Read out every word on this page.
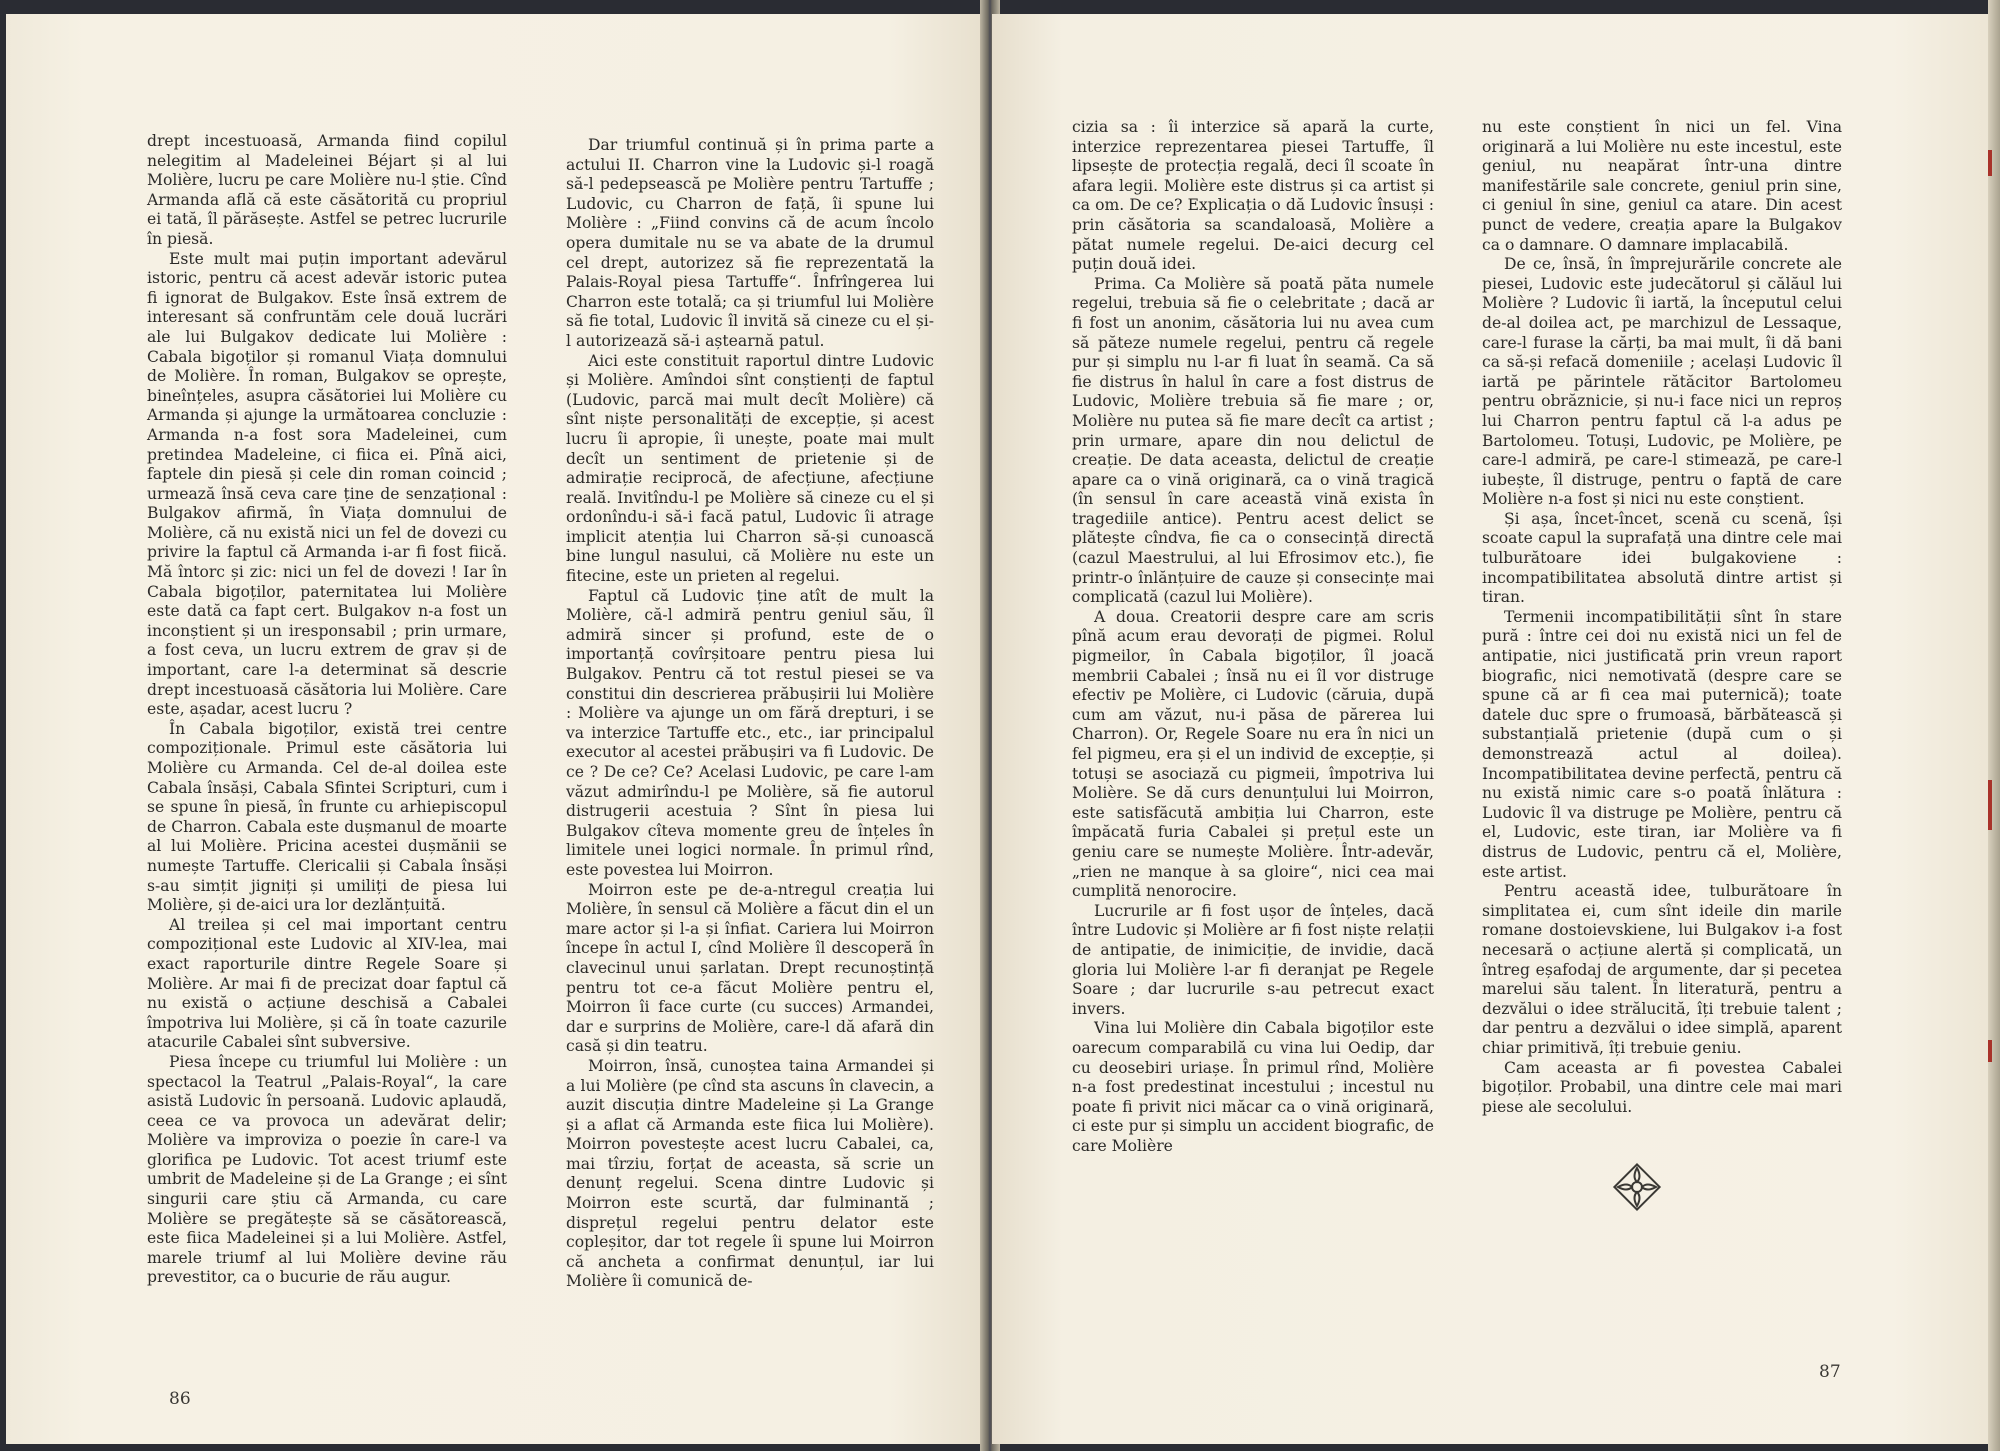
drept incestuoasă, Armanda fiind copilul nelegitim al Madeleinei Béjart și al lui Molière, lucru pe care Molière nu-l știe. Cînd Armanda află că este căsătorită cu propriul ei tată, îl părăsește. Astfel se petrec lucrurile în piesă.

Este mult mai puțin important adevărul istoric, pentru că acest adevăr istoric putea fi ignorat de Bulgakov. Este însă extrem de interesant să confruntăm cele două lucrări ale lui Bulgakov dedicate lui Molière : Cabala bigoților și romanul Viața domnului de Molière. În roman, Bulgakov se oprește, bineînțeles, asupra căsătoriei lui Molière cu Armanda și ajunge la următoarea concluzie : Armanda n-a fost sora Madeleinei, cum pretindea Madeleine, ci fiica ei. Pînă aici, faptele din piesă și cele din roman coincid ; urmează însă ceva care ține de senzațional : Bulgakov afirmă, în Viața domnului de Molière, că nu există nici un fel de dovezi cu privire la faptul că Armanda i-ar fi fost fiică. Mă întorc și zic: nici un fel de dovezi ! Iar în Cabala bigoților, paternitatea lui Molière este dată ca fapt cert. Bulgakov n-a fost un inconștient și un iresponsabil ; prin urmare, a fost ceva, un lucru extrem de grav și de important, care l-a determinat să descrie drept incestuoasă căsătoria lui Molière. Care este, așadar, acest lucru ?

În Cabala bigoților, există trei centre compoziționale. Primul este căsătoria lui Molière cu Armanda. Cel de-al doilea este Cabala însăși, Cabala Sfintei Scripturi, cum i se spune în piesă, în frunte cu arhiepiscopul de Charron. Cabala este dușmanul de moarte al lui Molière. Pricina acestei dușmănii se numește Tartuffe. Clericalii și Cabala însăși s-au simțit jigniți și umiliți de piesa lui Molière, și de-aici ura lor dezlănțuită.

Al treilea și cel mai important centru compozițional este Ludovic al XIV-lea, mai exact raporturile dintre Regele Soare și Molière. Ar mai fi de precizat doar faptul că nu există o acțiune deschisă a Cabalei împotriva lui Molière, și că în toate cazurile atacurile Cabalei sînt subversive.

Piesa începe cu triumful lui Molière : un spectacol la Teatrul „Palais-Royal“, la care asistă Ludovic în persoană. Ludovic aplaudă, ceea ce va provoca un adevărat delir; Molière va improviza o poezie în care-l va glorifica pe Ludovic. Tot acest triumf este umbrit de Madeleine și de La Grange ; ei sînt singurii care știu că Armanda, cu care Molière se pregătește să se căsătorească, este fiica Madeleinei și a lui Molière. Astfel, marele triumf al lui Molière devine rău prevestitor, ca o bucurie de rău augur.

Dar triumful continuă și în prima parte a actului II. Charron vine la Ludovic și-l roagă să-l pedepsească pe Molière pentru Tartuffe ; Ludovic, cu Charron de față, îi spune lui Molière : „Fiind convins că de acum încolo opera dumitale nu se va abate de la drumul cel drept, autorizez să fie reprezentată la Palais-Royal piesa Tartuffe“. Înfrîngerea lui Charron este totală; ca și triumful lui Molière să fie total, Ludovic îl invită să cineze cu el și-l autorizează să-i aștearnă patul.

Aici este constituit raportul dintre Ludovic și Molière. Amîndoi sînt conștienți de faptul (Ludovic, parcă mai mult decît Molière) că sînt niște personalități de excepție, și acest lucru îi apropie, îi unește, poate mai mult decît un sentiment de prietenie și de admirație reciprocă, de afecțiune, afecțiune reală. Invitîndu-l pe Molière să cineze cu el și ordonîndu-i să-i facă patul, Ludovic îi atrage implicit atenția lui Charron să-și cunoască bine lungul nasului, că Molière nu este un fitecine, este un prieten al regelui.

Faptul că Ludovic ține atît de mult la Molière, că-l admiră pentru geniul său, îl admiră sincer și profund, este de o importanță covîrșitoare pentru piesa lui Bulgakov. Pentru că tot restul piesei se va constitui din descrierea prăbușirii lui Molière : Molière va ajunge un om fără drepturi, i se va interzice Tartuffe etc., etc., iar principalul executor al acestei prăbușiri va fi Ludovic. De ce ? De ce? Ce? Acelasi Ludovic, pe care l-am văzut admirîndu-l pe Molière, să fie autorul distrugerii acestuia ? Sînt în piesa lui Bulgakov cîteva momente greu de înțeles în limitele unei logici normale. În primul rînd, este povestea lui Moirron.

Moirron este pe de-a-ntregul creația lui Molière, în sensul că Molière a făcut din el un mare actor și l-a și înfiat. Cariera lui Moirron începe în actul I, cînd Molière îl descoperă în clavecinul unui șarlatan. Drept recunoștință pentru tot ce-a făcut Molière pentru el, Moirron îi face curte (cu succes) Armandei, dar e surprins de Molière, care-l dă afară din casă și din teatru.

Moirron, însă, cunoștea taina Armandei și a lui Molière (pe cînd sta ascuns în clavecin, a auzit discuția dintre Madeleine și La Grange și a aflat că Armanda este fiica lui Molière). Moirron povestește acest lucru Cabalei, ca, mai tîrziu, forțat de aceasta, să scrie un denunț regelui. Scena dintre Ludovic și Moirron este scurtă, dar fulminantă ; disprețul regelui pentru delator este copleșitor, dar tot regele îi spune lui Moirron că ancheta a confirmat denunțul, iar lui Molière îi comunică de-

86

cizia sa : îi interzice să apară la curte, interzice reprezentarea piesei Tartuffe, îl lipsește de protecția regală, deci îl scoate în afara legii. Molière este distrus și ca artist și ca om. De ce? Explicația o dă Ludovic însuși : prin căsătoria sa scandaloasă, Molière a pătat numele regelui. De-aici decurg cel puțin două idei.

Prima. Ca Molière să poată păta numele regelui, trebuia să fie o celebritate ; dacă ar fi fost un anonim, căsătoria lui nu avea cum să păteze numele regelui, pentru că regele pur și simplu nu l-ar fi luat în seamă. Ca să fie distrus în halul în care a fost distrus de Ludovic, Molière trebuia să fie mare ; or, Molière nu putea să fie mare decît ca artist ; prin urmare, apare din nou delictul de creație. De data aceasta, delictul de creație apare ca o vină originară, ca o vină tragică (în sensul în care această vină exista în tragediile antice). Pentru acest delict se plătește cîndva, fie ca o consecință directă (cazul Maestrului, al lui Efrosimov etc.), fie printr-o înlănțuire de cauze și consecințe mai complicată (cazul lui Molière).

A doua. Creatorii despre care am scris pînă acum erau devorați de pigmei. Rolul pigmeilor, în Cabala bigoților, îl joacă membrii Cabalei ; însă nu ei îl vor distruge efectiv pe Molière, ci Ludovic (căruia, după cum am văzut, nu-i păsa de părerea lui Charron). Or, Regele Soare nu era în nici un fel pigmeu, era și el un individ de excepție, și totuși se asociază cu pigmeii, împotriva lui Molière. Se dă curs denunțului lui Moirron, este satisfăcută ambiția lui Charron, este împăcată furia Cabalei și prețul este un geniu care se numește Molière. Într-adevăr, „rien ne manque à sa gloire“, nici cea mai cumplită nenorocire.

Lucrurile ar fi fost ușor de înțeles, dacă între Ludovic și Molière ar fi fost niște relații de antipatie, de inimiciție, de invidie, dacă gloria lui Molière l-ar fi deranjat pe Regele Soare ; dar lucrurile s-au petrecut exact invers.

Vina lui Molière din Cabala bigoților este oarecum comparabilă cu vina lui Oedip, dar cu deosebiri uriașe. În primul rînd, Molière n-a fost predestinat incestului ; incestul nu poate fi privit nici măcar ca o vină originară, ci este pur și simplu un accident biografic, de care Molière

nu este conștient în nici un fel. Vina originară a lui Molière nu este incestul, este geniul, nu neapărat într-una dintre manifestările sale concrete, geniul prin sine, ci geniul în sine, geniul ca atare. Din acest punct de vedere, creația apare la Bulgakov ca o damnare. O damnare implacabilă.

De ce, însă, în împrejurările concrete ale piesei, Ludovic este judecătorul și călăul lui Molière ? Ludovic îi iartă, la începutul celui de-al doilea act, pe marchizul de Lessaque, care-l furase la cărți, ba mai mult, îi dă bani ca să-și refacă domeniile ; același Ludovic îl iartă pe părintele rătăcitor Bartolomeu pentru obrăznicie, și nu-i face nici un reproș lui Charron pentru faptul că l-a adus pe Bartolomeu. Totuși, Ludovic, pe Molière, pe care-l admiră, pe care-l stimează, pe care-l iubește, îl distruge, pentru o faptă de care Molière n-a fost și nici nu este conștient.

Și așa, încet-încet, scenă cu scenă, își scoate capul la suprafață una dintre cele mai tulburătoare idei bulgakoviene : incompatibilitatea absolută dintre artist și tiran.

Termenii incompatibilității sînt în stare pură : între cei doi nu există nici un fel de antipatie, nici justificată prin vreun raport biografic, nici nemotivată (despre care se spune că ar fi cea mai puternică); toate datele duc spre o frumoasă, bărbătească și substanțială prietenie (după cum o și demonstrează actul al doilea). Incompatibilitatea devine perfectă, pentru că nu există nimic care s-o poată înlătura : Ludovic îl va distruge pe Molière, pentru că el, Ludovic, este tiran, iar Molière va fi distrus de Ludovic, pentru că el, Molière, este artist.

Pentru această idee, tulburătoare în simplitatea ei, cum sînt ideile din marile romane dostoievskiene, lui Bulgakov i-a fost necesară o acțiune alertă și complicată, un întreg eșafodaj de argumente, dar și pecetea marelui său talent. În literatură, pentru a dezvălui o idee strălucită, îți trebuie talent ; dar pentru a dezvălui o idee simplă, aparent chiar primitivă, îți trebuie geniu.

Cam aceasta ar fi povestea Cabalei bigoților. Probabil, una dintre cele mai mari piese ale secolului.

87
